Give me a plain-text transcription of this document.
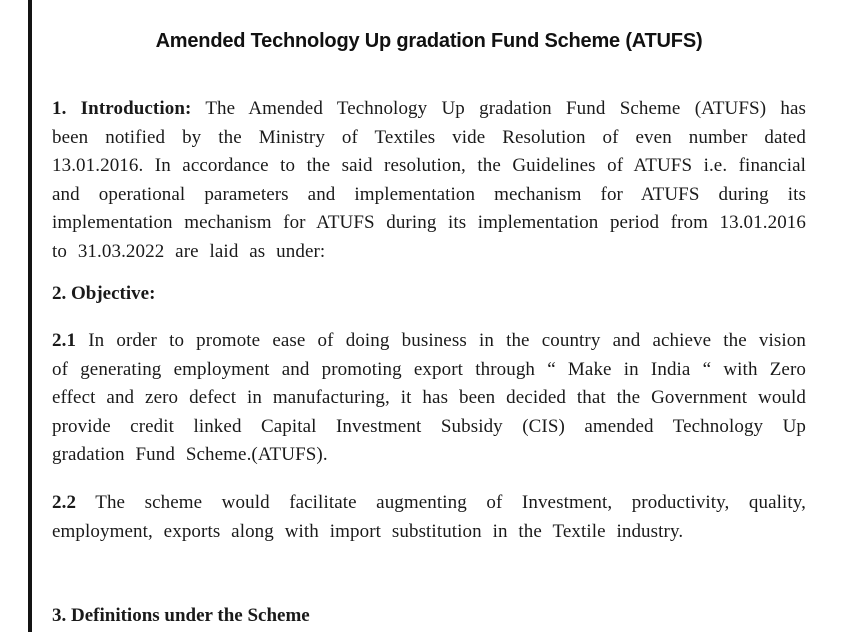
Amended Technology Up gradation Fund Scheme (ATUFS)

1. Introduction: The Amended Technology Up gradation Fund Scheme (ATUFS) has been notified by the Ministry of Textiles vide Resolution of even number dated 13.01.2016. In accordance to the said resolution, the Guidelines of ATUFS i.e. financial and operational parameters and implementation mechanism for ATUFS during its implementation mechanism for ATUFS during its implementation period from 13.01.2016 to 31.03.2022 are laid as under:

2. Objective:

2.1 In order to promote ease of doing business in the country and achieve the vision of generating employment and promoting export through “ Make in India “ with Zero effect and zero defect in manufacturing, it has been decided that the Government would provide credit linked Capital Investment Subsidy (CIS) amended Technology Up gradation Fund Scheme.(ATUFS).

2.2 The scheme would facilitate augmenting of Investment, productivity, quality, employment, exports along with import substitution in the Textile industry.

3. Definitions under the Scheme
